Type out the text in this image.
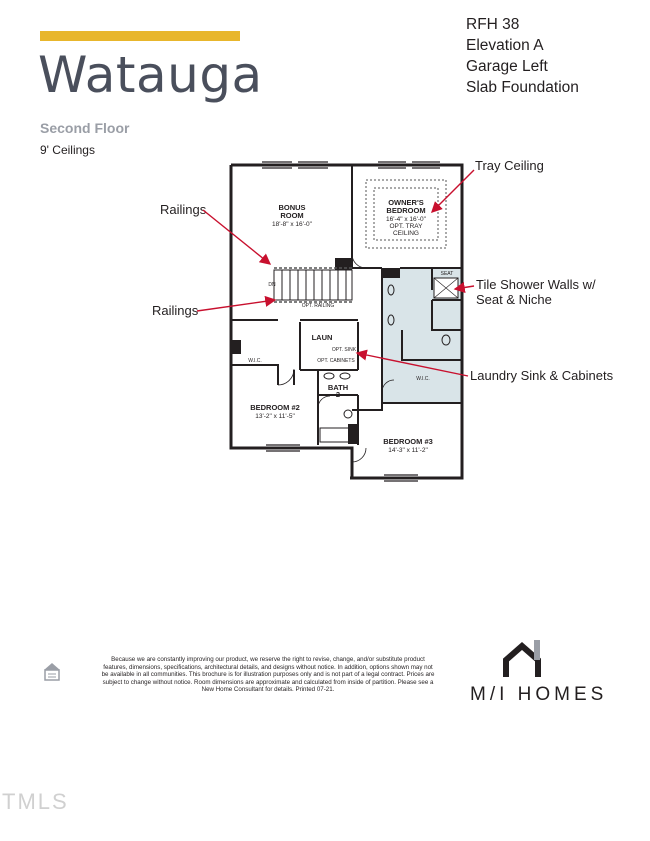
Watauga
Second Floor
9' Ceilings
RFH 38
Elevation A
Garage Left
Slab Foundation
Tray Ceiling
Railings
Railings
Tile Shower Walls w/
Seat & Niche
Laundry Sink & Cabinets
BONUS
ROOM
18'-8" x 16'-0"
OWNER'S
BEDROOM
16'-4" x 16'-0"
OPT. TRAY
CEILING
LAUN
OPT. SINK
OPT. CABINETS
BATH
2
BEDROOM #2
13'-2" x 11'-5"
BEDROOM #3
14'-3" x 11'-2"
W.I.C.
W.I.C.
SEAT
OPT. RAILING
DN
Because we are constantly improving our product, we reserve the right to revise, change, and/or substitute product features, dimensions, specifications, architectural details, and designs without notice. In addition, options shown may not be available in all communities. This brochure is for illustration purposes only and is not part of a legal contract. Prices are subject to change without notice. Room dimensions are approximate and calculated from inside of partition. Please see a New Home Consultant for details. Printed 07-21.	M/I HOMES
TMLS
